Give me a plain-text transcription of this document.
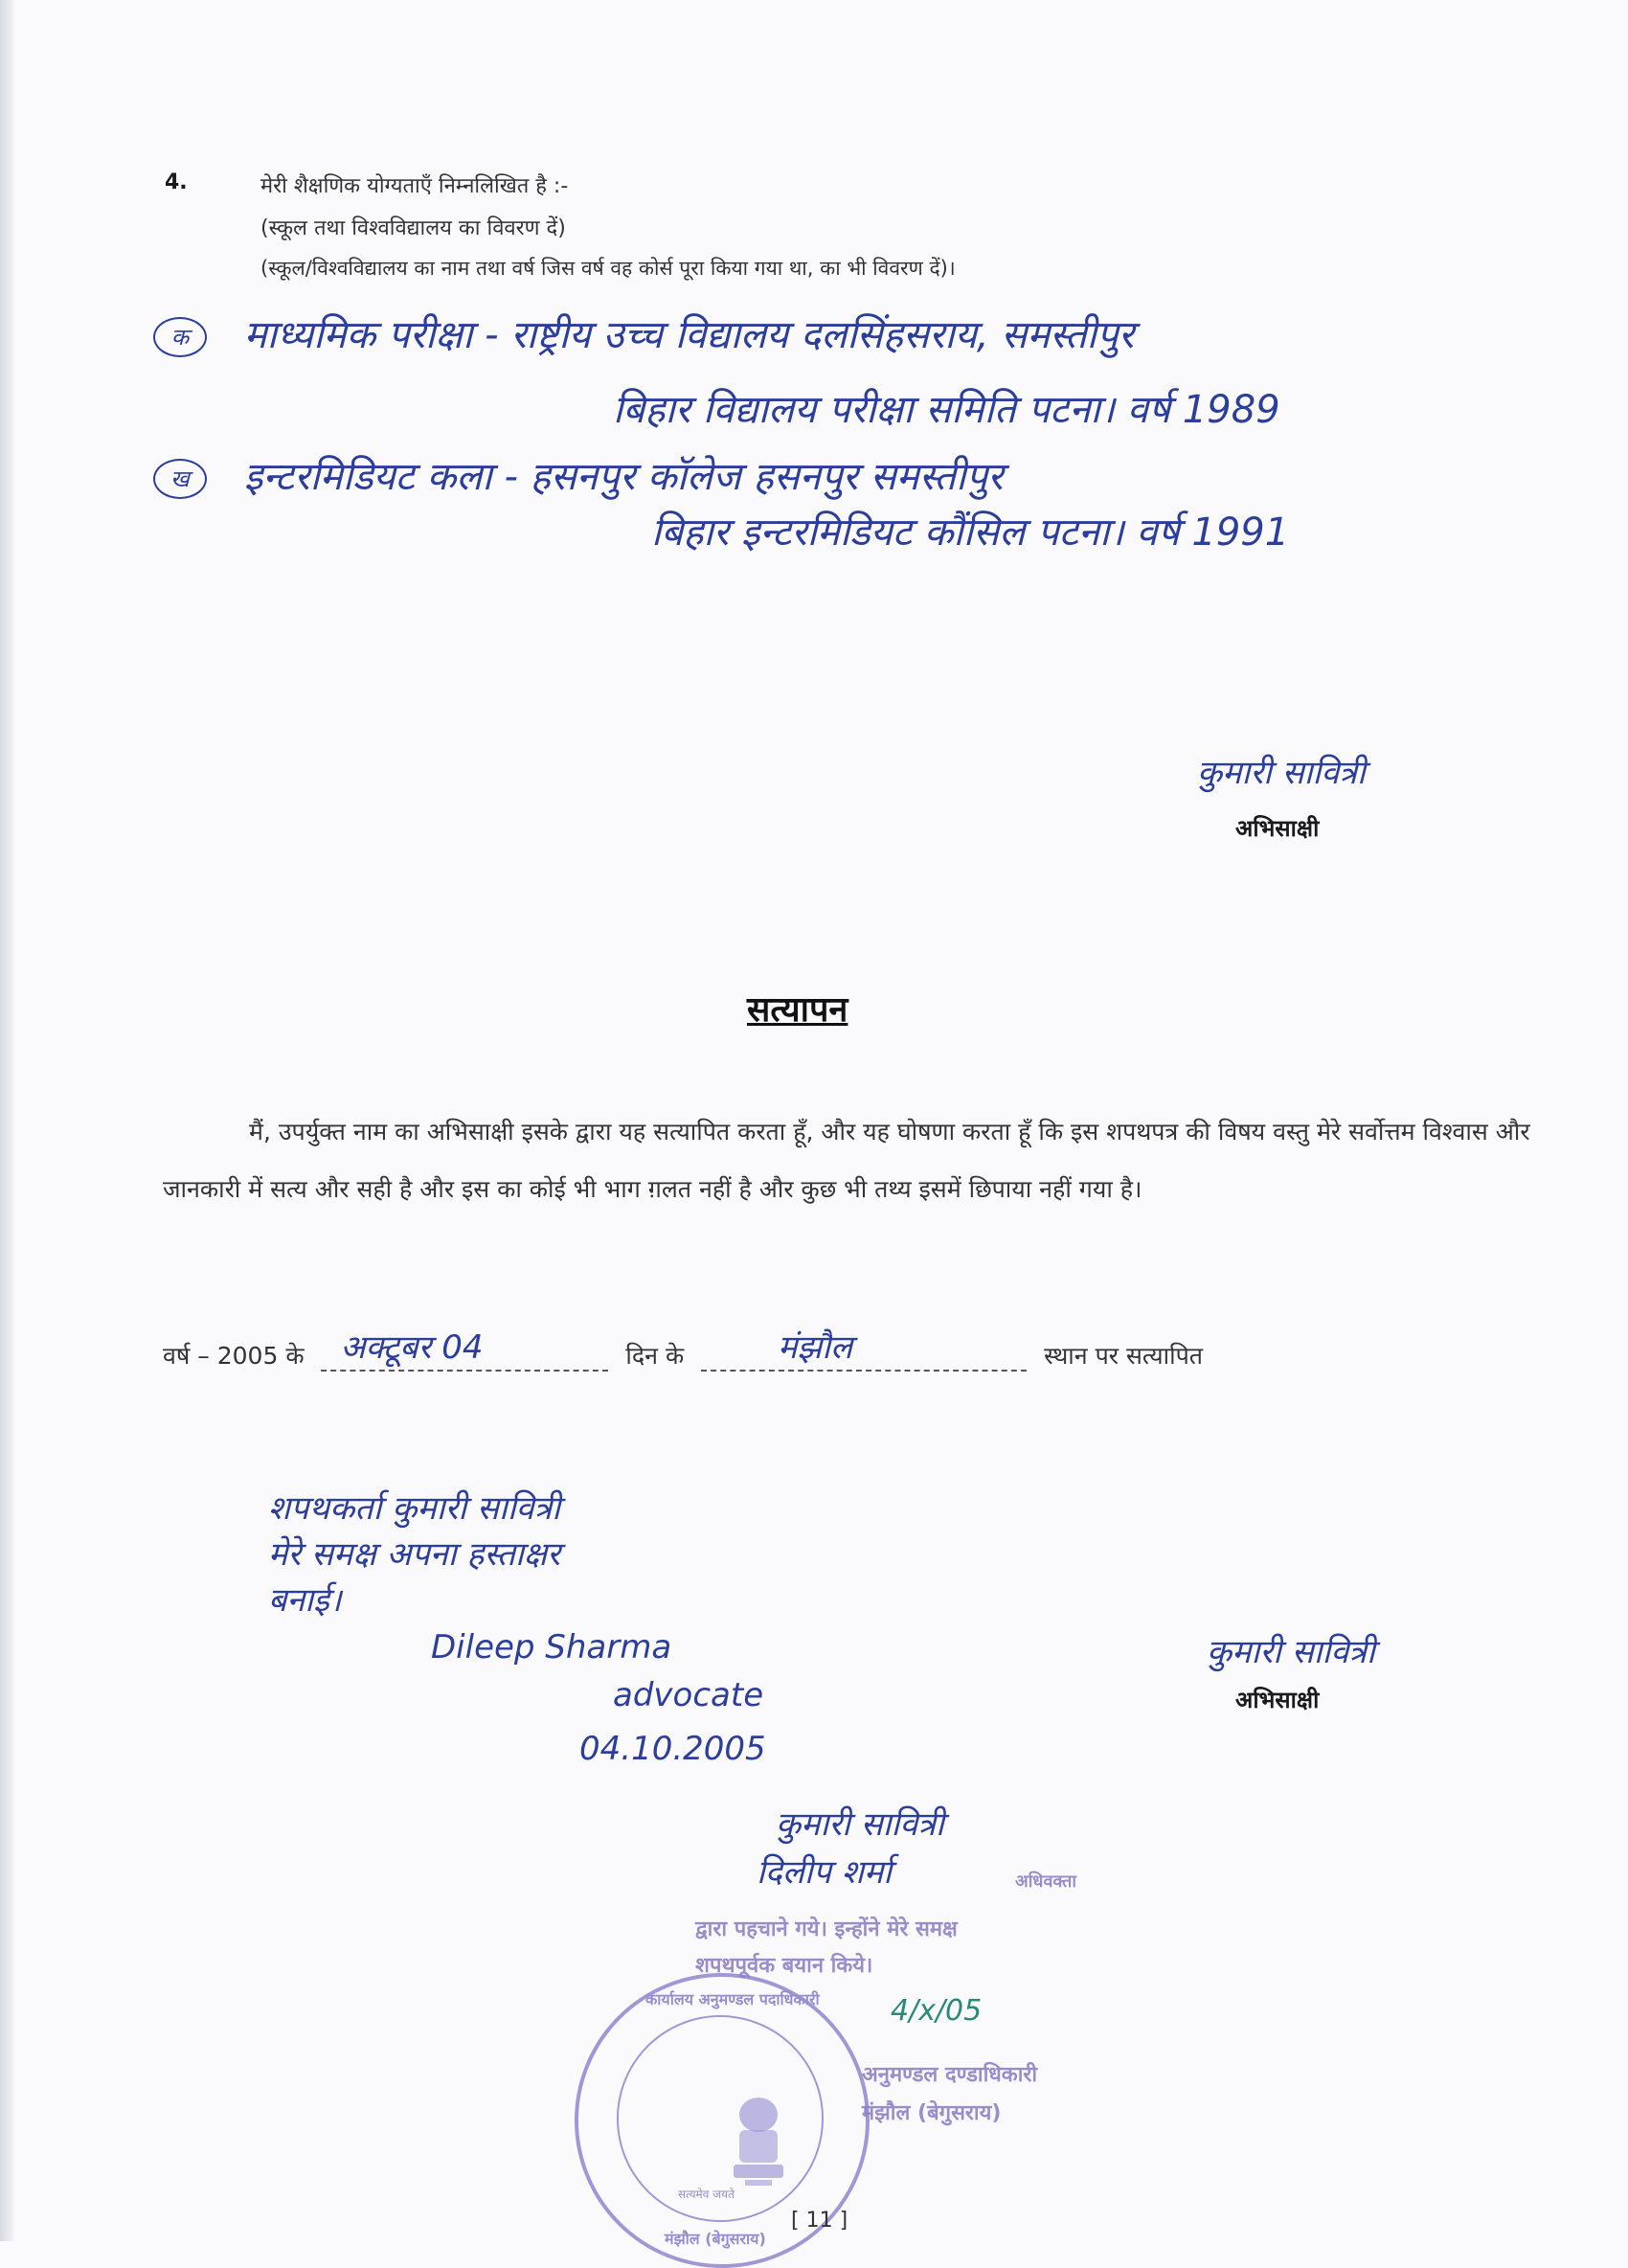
4.	मेरी शैक्षणिक योग्यताएँ निम्नलिखित है :-
(स्कूल तथा विश्वविद्यालय का विवरण दें)
(स्कूल/विश्वविद्यालय का नाम तथा वर्ष जिस वर्ष वह कोर्स पूरा किया गया था, का भी विवरण दें)।
क माध्यमिक परीक्षा - राष्ट्रीय उच्च विद्यालय दलसिंहसराय, समस्तीपुर
बिहार विद्यालय परीक्षा समिति पटना। वर्ष 1989
ख इन्टरमिडियट कला - हसनपुर कॉलेज हसनपुर समस्तीपुर
बिहार इन्टरमिडियट कौंसिल पटना। वर्ष 1991
कुमारी सावित्री
अभिसाक्षी
सत्यापन
मैं, उपर्युक्त नाम का अभिसाक्षी इसके द्वारा यह सत्यापित करता हूँ, और यह घोषणा करता हूँ कि इस शपथपत्र की विषय वस्तु मेरे सर्वोत्तम विश्वास और जानकारी में सत्य और सही है और इस का कोई भी भाग ग़लत नहीं है और कुछ भी तथ्य इसमें छिपाया नहीं गया है।
वर्ष – 2005 के अक्टूबर 04	दिन के	मंझौल	स्थान पर सत्यापित
शपथकर्ता कुमारी सावित्री
मेरे समक्ष अपना हस्ताक्षर
बनाई।
Dileep Sharma
advocate
04.10.2005
कुमारी सावित्री
अभिसाक्षी
कुमारी सावित्री
दिलीप शर्मा	अधिवक्ता
द्वारा पहचाने गये। इन्होंने मेरे समक्ष
शपथपूर्वक बयान किये।
4/x/05
अनुमण्डल दण्डाधिकारी
मंझौल (बेगुसराय)
कार्यालय अनुमण्डल पदाधिकारी
सत्यमेव जयते
मंझौल (बेगुसराय)
[ 11 ]
